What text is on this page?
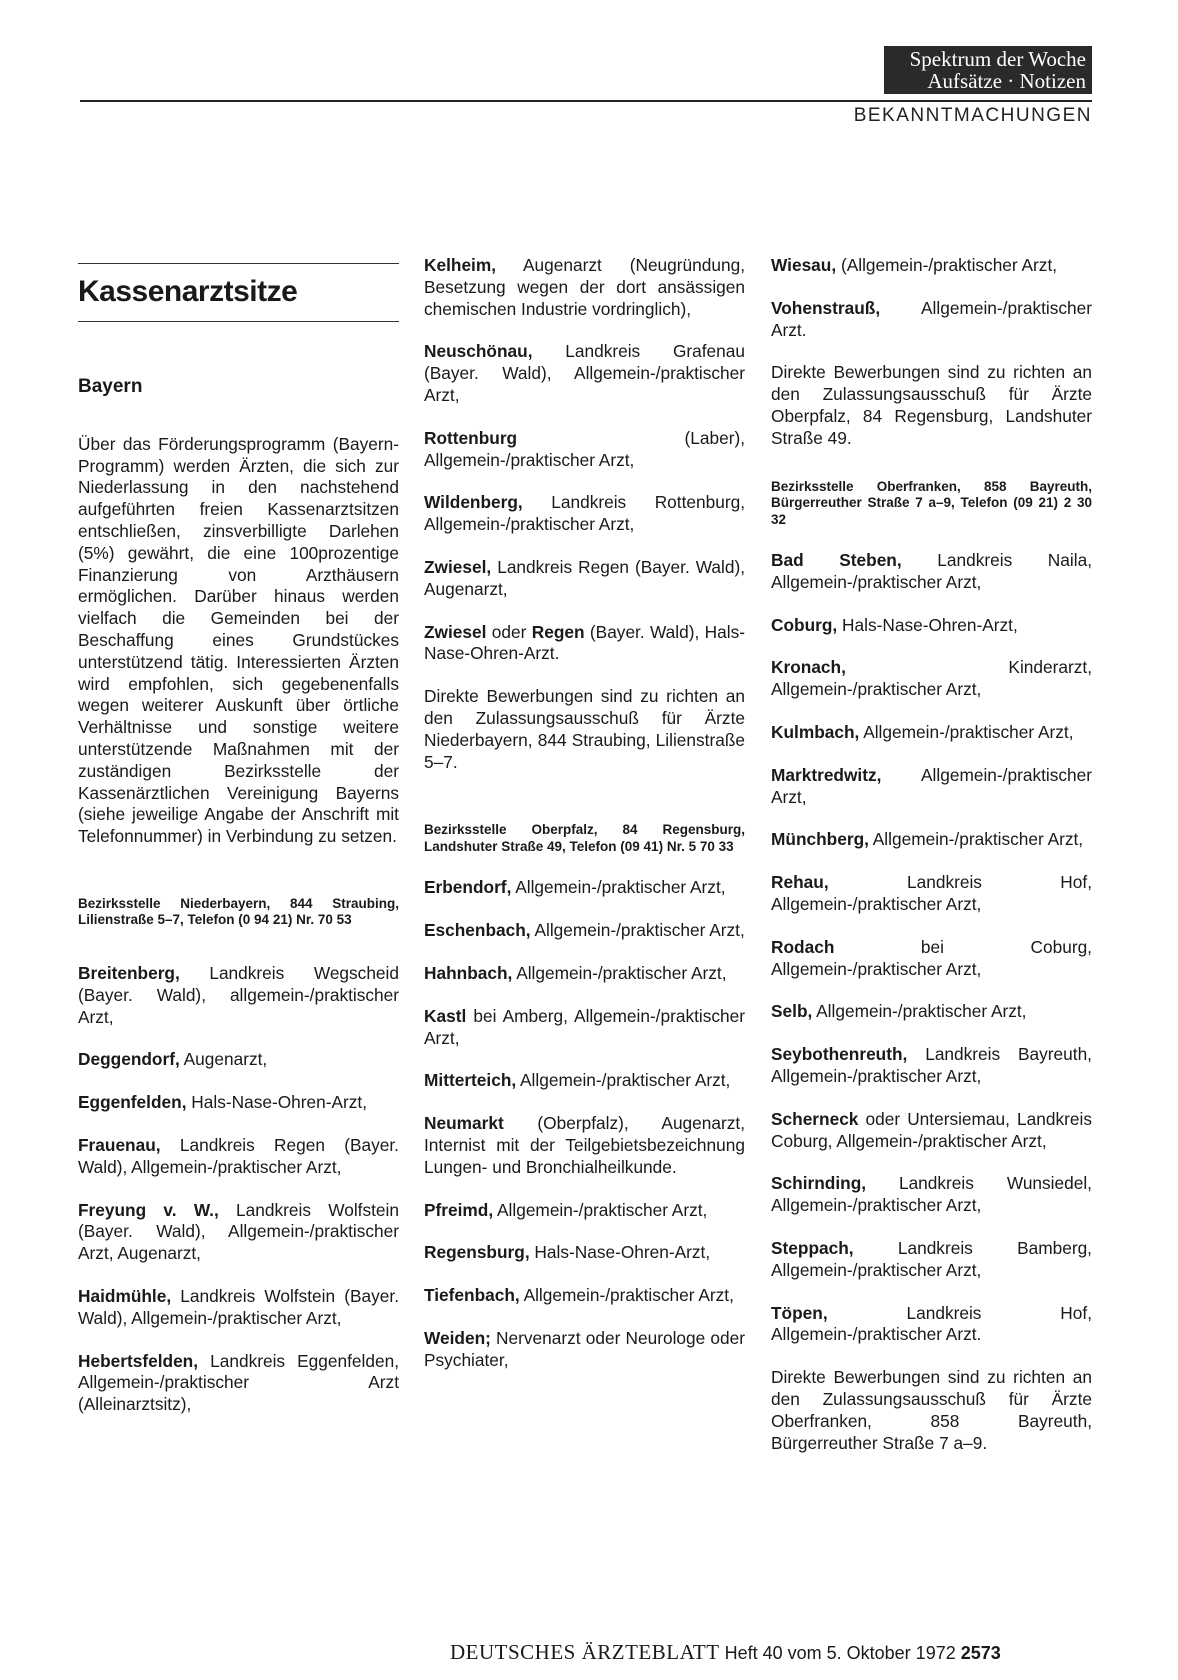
Spektrum der Woche
Aufsätze · Notizen
BEKANNTMACHUNGEN
Kassenarztsitze
Bayern

Über das Förderungsprogramm (Bayern-Programm) werden Ärzten, die sich zur Niederlassung in den nachstehend aufgeführten freien Kassenarztsitzen entschließen, zinsverbilligte Darlehen (5%) gewährt, die eine 100prozentige Finanzierung von Arzthäusern ermöglichen. Darüber hinaus werden vielfach die Gemeinden bei der Beschaffung eines Grundstückes unterstützend tätig. Interessierten Ärzten wird empfohlen, sich gegebenenfalls wegen weiterer Auskunft über örtliche Verhältnisse und sonstige weitere unterstützende Maßnahmen mit der zuständigen Bezirksstelle der Kassenärztlichen Vereinigung Bayerns (siehe jeweilige Angabe der Anschrift mit Telefonnummer) in Verbindung zu setzen.

Bezirksstelle Niederbayern, 844 Straubing, Lilienstraße 5–7, Telefon (0 94 21) Nr. 70 53

Breitenberg, Landkreis Wegscheid (Bayer. Wald), allgemein-/praktischer Arzt,

Deggendorf, Augenarzt,

Eggenfelden, Hals-Nase-Ohren-Arzt,

Frauenau, Landkreis Regen (Bayer. Wald), Allgemein-/praktischer Arzt,

Freyung v. W., Landkreis Wolfstein (Bayer. Wald), Allgemein-/praktischer Arzt, Augenarzt,

Haidmühle, Landkreis Wolfstein (Bayer. Wald), Allgemein-/praktischer Arzt,

Hebertsfelden, Landkreis Eggenfelden, Allgemein-/praktischer Arzt (Alleinarztsitz),

Kelheim, Augenarzt (Neugründung, Besetzung wegen der dort ansässigen chemischen Industrie vordringlich),

Neuschönau, Landkreis Grafenau (Bayer. Wald), Allgemein-/praktischer Arzt,

Rottenburg (Laber), Allgemein-/praktischer Arzt,

Wildenberg, Landkreis Rottenburg, Allgemein-/praktischer Arzt,

Zwiesel, Landkreis Regen (Bayer. Wald), Augenarzt,

Zwiesel oder Regen (Bayer. Wald), Hals-Nase-Ohren-Arzt.

Direkte Bewerbungen sind zu richten an den Zulassungsausschuß für Ärzte Niederbayern, 844 Straubing, Lilienstraße 5–7.

Bezirksstelle Oberpfalz, 84 Regensburg, Landshuter Straße 49, Telefon (09 41) Nr. 5 70 33

Erbendorf, Allgemein-/praktischer Arzt,

Eschenbach, Allgemein-/praktischer Arzt,

Hahnbach, Allgemein-/praktischer Arzt,

Kastl bei Amberg, Allgemein-/praktischer Arzt,

Mitterteich, Allgemein-/praktischer Arzt,

Neumarkt (Oberpfalz), Augenarzt, Internist mit der Teilgebietsbezeichnung Lungen- und Bronchialheilkunde.

Pfreimd, Allgemein-/praktischer Arzt,

Regensburg, Hals-Nase-Ohren-Arzt,

Tiefenbach, Allgemein-/praktischer Arzt,

Weiden; Nervenarzt oder Neurologe oder Psychiater,

Wiesau, (Allgemein-/praktischer Arzt,

Vohenstrauß, Allgemein-/praktischer Arzt.

Direkte Bewerbungen sind zu richten an den Zulassungsausschuß für Ärzte Oberpfalz, 84 Regensburg, Landshuter Straße 49.

Bezirksstelle Oberfranken, 858 Bayreuth, Bürgerreuther Straße 7 a–9, Telefon (09 21) 2 30 32

Bad Steben, Landkreis Naila, Allgemein-/praktischer Arzt,

Coburg, Hals-Nase-Ohren-Arzt,

Kronach, Kinderarzt, Allgemein-/praktischer Arzt,

Kulmbach, Allgemein-/praktischer Arzt,

Marktredwitz, Allgemein-/praktischer Arzt,

Münchberg, Allgemein-/praktischer Arzt,

Rehau, Landkreis Hof, Allgemein-/praktischer Arzt,

Rodach bei Coburg, Allgemein-/praktischer Arzt,

Selb, Allgemein-/praktischer Arzt,

Seybothenreuth, Landkreis Bayreuth, Allgemein-/praktischer Arzt,

Scherneck oder Untersiemau, Landkreis Coburg, Allgemein-/praktischer Arzt,

Schirnding, Landkreis Wunsiedel, Allgemein-/praktischer Arzt,

Steppach, Landkreis Bamberg, Allgemein-/praktischer Arzt,

Töpen, Landkreis Hof, Allgemein-/praktischer Arzt.

Direkte Bewerbungen sind zu richten an den Zulassungsausschuß für Ärzte Oberfranken, 858 Bayreuth, Bürgerreuther Straße 7 a–9.

DEUTSCHES ÄRZTEBLATT Heft 40 vom 5. Oktober 1972 2573
